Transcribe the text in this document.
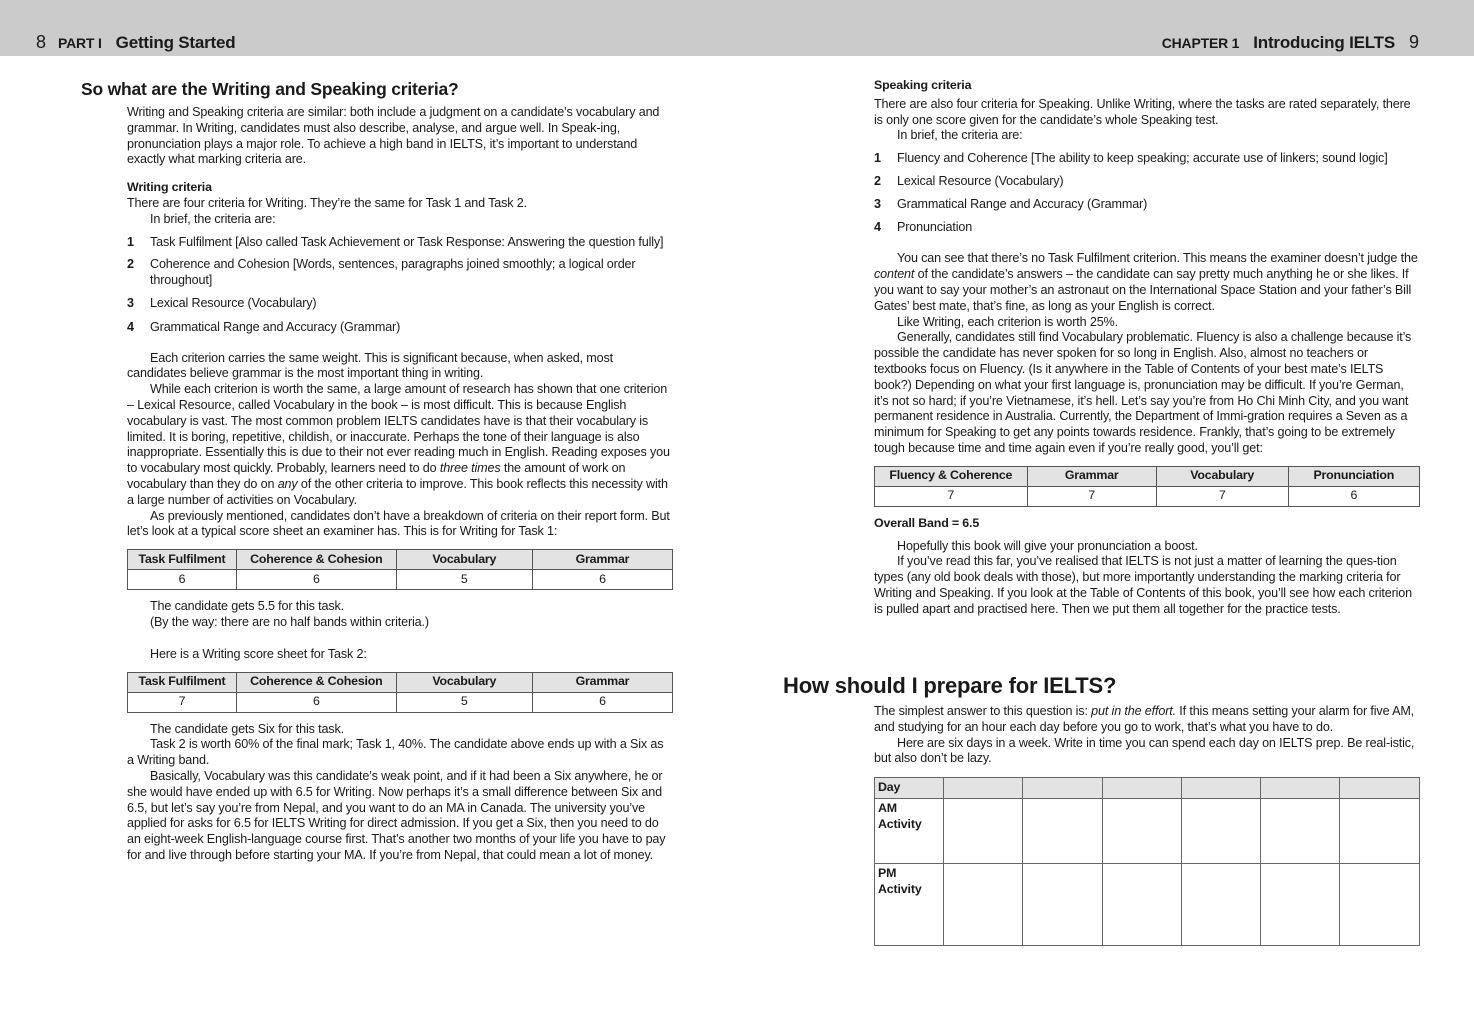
8 PART I Getting Started	CHAPTER 1 Introducing IELTS 9
So what are the Writing and Speaking criteria?

Writing and Speaking criteria are similar: both include a judgment on a candidate’s vocabulary and grammar. In Writing, candidates must also describe, analyse, and argue well. In Speak-ing, pronunciation plays a major role. To achieve a high band in IELTS, it’s important to understand exactly what marking criteria are.

Writing criteria

There are four criteria for Writing. They’re the same for Task 1 and Task 2.

In brief, the criteria are:

1	Task Fulfilment [Also called Task Achievement or Task Response: Answering the question fully]
2	Coherence and Cohesion [Words, sentences, paragraphs joined smoothly; a logical order throughout]
3	Lexical Resource (Vocabulary)
4	Grammatical Range and Accuracy (Grammar)

Each criterion carries the same weight. This is significant because, when asked, most candidates believe grammar is the most important thing in writing.

While each criterion is worth the same, a large amount of research has shown that one criterion – Lexical Resource, called Vocabulary in the book – is most difficult. This is because English vocabulary is vast. The most common problem IELTS candidates have is that their vocabulary is limited. It is boring, repetitive, childish, or inaccurate. Perhaps the tone of their language is also inappropriate. Essentially this is due to their not ever reading much in English. Reading exposes you to vocabulary most quickly. Probably, learners need to do three times the amount of work on vocabulary than they do on any of the other criteria to improve. This book reflects this necessity with a large number of activities on Vocabulary.

As previously mentioned, candidates don’t have a breakdown of criteria on their report form. But let’s look at a typical score sheet an examiner has. This is for Writing for Task 1:

Task Fulfilment	Coherence & Cohesion	Vocabulary	Grammar
6	6	5	6

The candidate gets 5.5 for this task.

(By the way: there are no half bands within criteria.)

Here is a Writing score sheet for Task 2:

Task Fulfilment	Coherence & Cohesion	Vocabulary	Grammar
7	6	5	6

The candidate gets Six for this task.

Task 2 is worth 60% of the final mark; Task 1, 40%. The candidate above ends up with a Six as a Writing band.

Basically, Vocabulary was this candidate’s weak point, and if it had been a Six anywhere, he or she would have ended up with 6.5 for Writing. Now perhaps it’s a small difference between Six and 6.5, but let’s say you’re from Nepal, and you want to do an MA in Canada. The university you’ve applied for asks for 6.5 for IELTS Writing for direct admission. If you get a Six, then you need to do an eight-week English-language course first. That’s another two months of your life you have to pay for and live through before starting your MA. If you’re from Nepal, that could mean a lot of money.

Speaking criteria

There are also four criteria for Speaking. Unlike Writing, where the tasks are rated separately, there is only one score given for the candidate’s whole Speaking test.

In brief, the criteria are:

1	Fluency and Coherence [The ability to keep speaking; accurate use of linkers; sound logic]
2	Lexical Resource (Vocabulary)
3	Grammatical Range and Accuracy (Grammar)
4	Pronunciation

You can see that there’s no Task Fulfilment criterion. This means the examiner doesn’t judge the content of the candidate’s answers – the candidate can say pretty much anything he or she likes. If you want to say your mother’s an astronaut on the International Space Station and your father’s Bill Gates’ best mate, that’s fine, as long as your English is correct.

Like Writing, each criterion is worth 25%.

Generally, candidates still find Vocabulary problematic. Fluency is also a challenge because it’s possible the candidate has never spoken for so long in English. Also, almost no teachers or textbooks focus on Fluency. (Is it anywhere in the Table of Contents of your best mate’s IELTS book?) Depending on what your first language is, pronunciation may be difficult. If you’re German, it’s not so hard; if you’re Vietnamese, it’s hell. Let’s say you’re from Ho Chi Minh City, and you want permanent residence in Australia. Currently, the Department of Immi-gration requires a Seven as a minimum for Speaking to get any points towards residence. Frankly, that’s going to be extremely tough because time and time again even if you’re really good, you’ll get:

Fluency & Coherence	Grammar	Vocabulary	Pronunciation
7	7	7	6

Overall Band = 6.5

Hopefully this book will give your pronunciation a boost.

If you’ve read this far, you’ve realised that IELTS is not just a matter of learning the ques-tion types (any old book deals with those), but more importantly understanding the marking criteria for Writing and Speaking. If you look at the Table of Contents of this book, you’ll see how each criterion is pulled apart and practised here. Then we put them all together for the practice tests.

How should I prepare for IELTS?

The simplest answer to this question is: put in the effort. If this means setting your alarm for five AM, and studying for an hour each day before you go to work, that’s what you have to do.

Here are six days in a week. Write in time you can spend each day on IELTS prep. Be real-istic, but also don’t be lazy.

Day						
AM Activity						
PM Activity						
